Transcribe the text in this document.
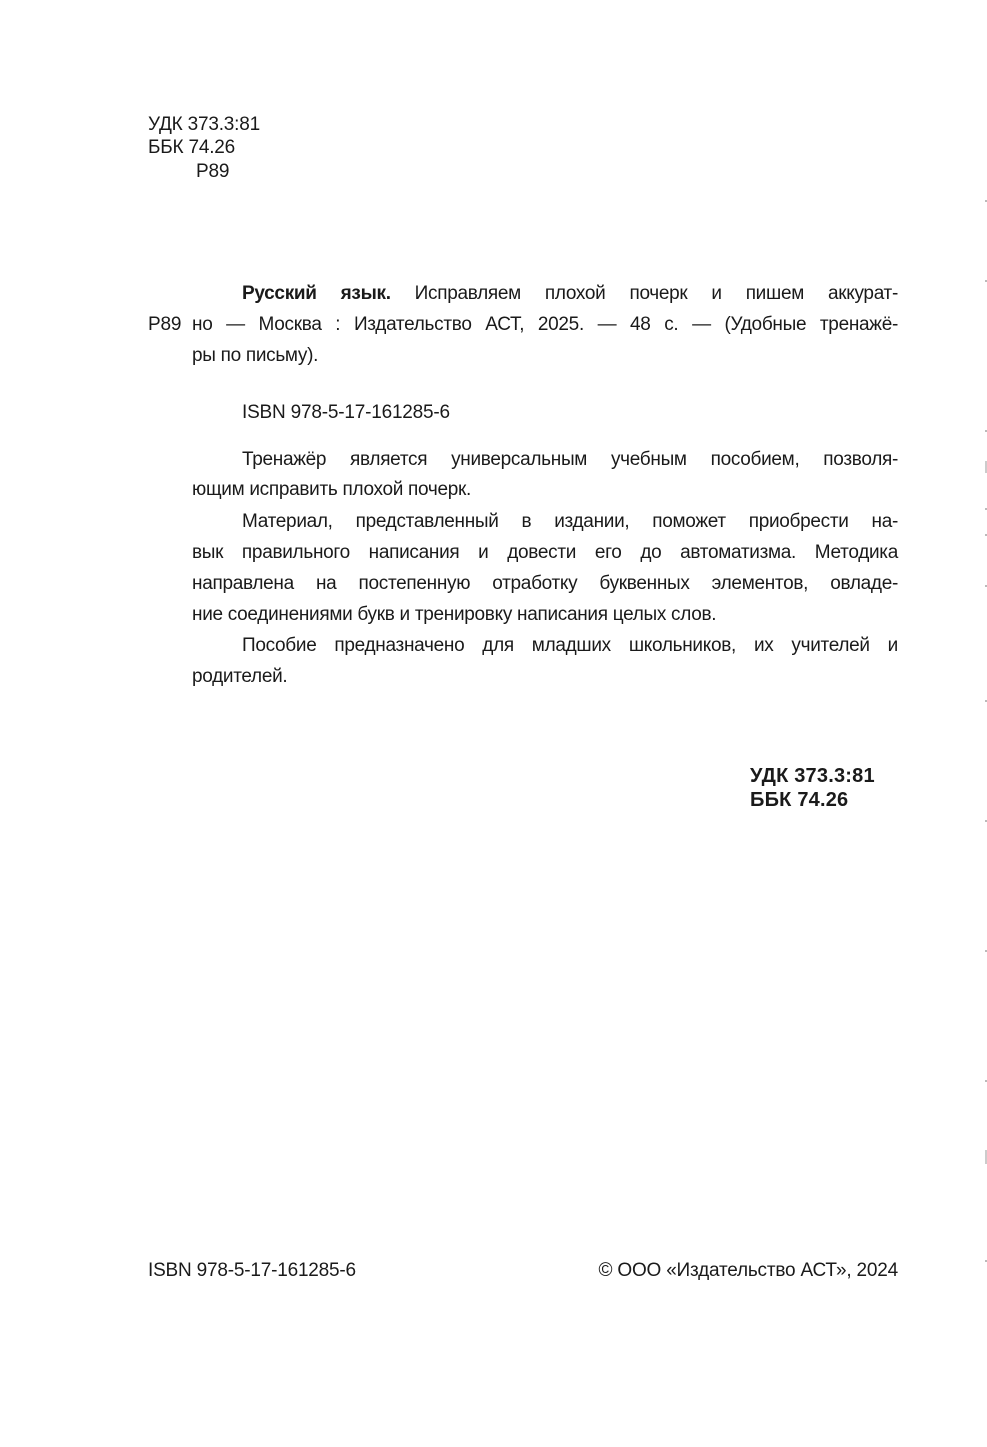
УДК 373.3:81
ББК 74.26
Р89
Р89
Русский язык. Исправляем плохой почерк и пишем аккурат-
но — Москва : Издательство АСТ, 2025. — 48 с. — (Удобные тренажё-
ры по письму).
ISBN 978-5-17-161285-6
Тренажёр является универсальным учебным пособием, позволя-
ющим исправить плохой почерк.
Материал, представленный в издании, поможет приобрести на-
вык правильного написания и довести его до автоматизма. Методика
направлена на постепенную отработку буквенных элементов, овладе-
ние соединениями букв и тренировку написания целых слов.
Пособие предназначено для младших школьников, их учителей и
родителей.
УДК 373.3:81
ББК 74.26
ISBN 978-5-17-161285-6	© ООО «Издательство АСТ», 2024
